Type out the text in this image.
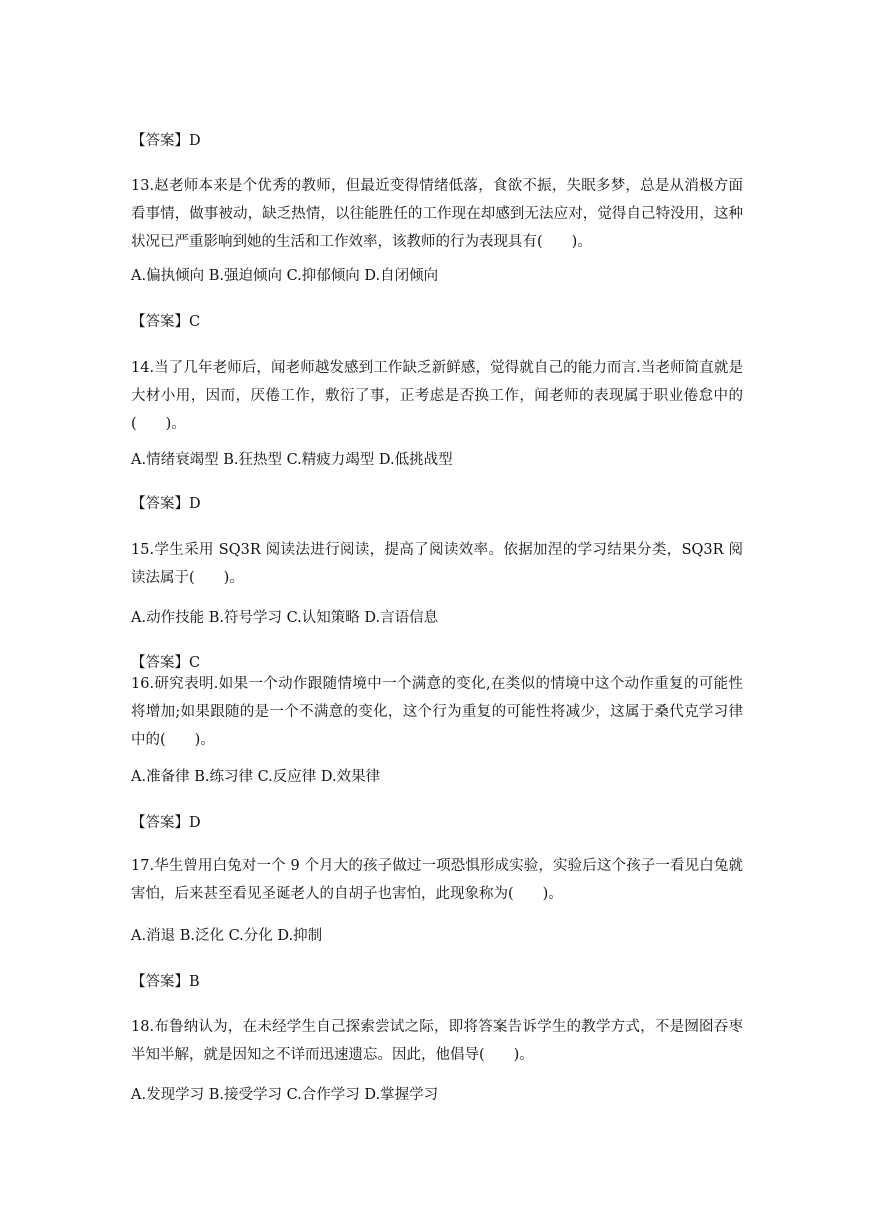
【答案】D
13.赵老师本来是个优秀的教师，但最近变得情绪低落，食欲不振，失眠多梦，总是从消极方面看事情，做事被动，缺乏热情，以往能胜任的工作现在却感到无法应对，觉得自己特没用，这种状况已严重影响到她的生活和工作效率，该教师的行为表现具有(　　)。
A.偏执倾向 B.强迫倾向 C.抑郁倾向 D.自闭倾向
【答案】C
14.当了几年老师后，闻老师越发感到工作缺乏新鲜感，觉得就自己的能力而言.当老师简直就是大材小用，因而，厌倦工作，敷衍了事，正考虑是否换工作，闻老师的表现属于职业倦怠中的(　　)。
A.情绪衰竭型 B.狂热型 C.精疲力竭型 D.低挑战型
【答案】D
15.学生采用 SQ3R 阅读法进行阅读，提高了阅读效率。依据加涅的学习结果分类，SQ3R 阅读法属于(　　)。
A.动作技能 B.符号学习 C.认知策略 D.言语信息
【答案】C
16.研究表明.如果一个动作跟随情境中一个满意的变化,在类似的情境中这个动作重复的可能性将增加;如果跟随的是一个不满意的变化，这个行为重复的可能性将减少，这属于桑代克学习律中的(　　)。
A.准备律 B.练习律 C.反应律 D.效果律
【答案】D
17.华生曾用白兔对一个 9 个月大的孩子做过一项恐惧形成实验，实验后这个孩子一看见白兔就害怕，后来甚至看见圣诞老人的自胡子也害怕，此现象称为(　　)。
A.消退 B.泛化 C.分化 D.抑制
【答案】B
18.布鲁纳认为，在未经学生自己探索尝试之际，即将答案告诉学生的教学方式，不是囫囵吞枣半知半解，就是因知之不详而迅速遗忘。因此，他倡导(　　)。
A.发现学习 B.接受学习 C.合作学习 D.掌握学习
